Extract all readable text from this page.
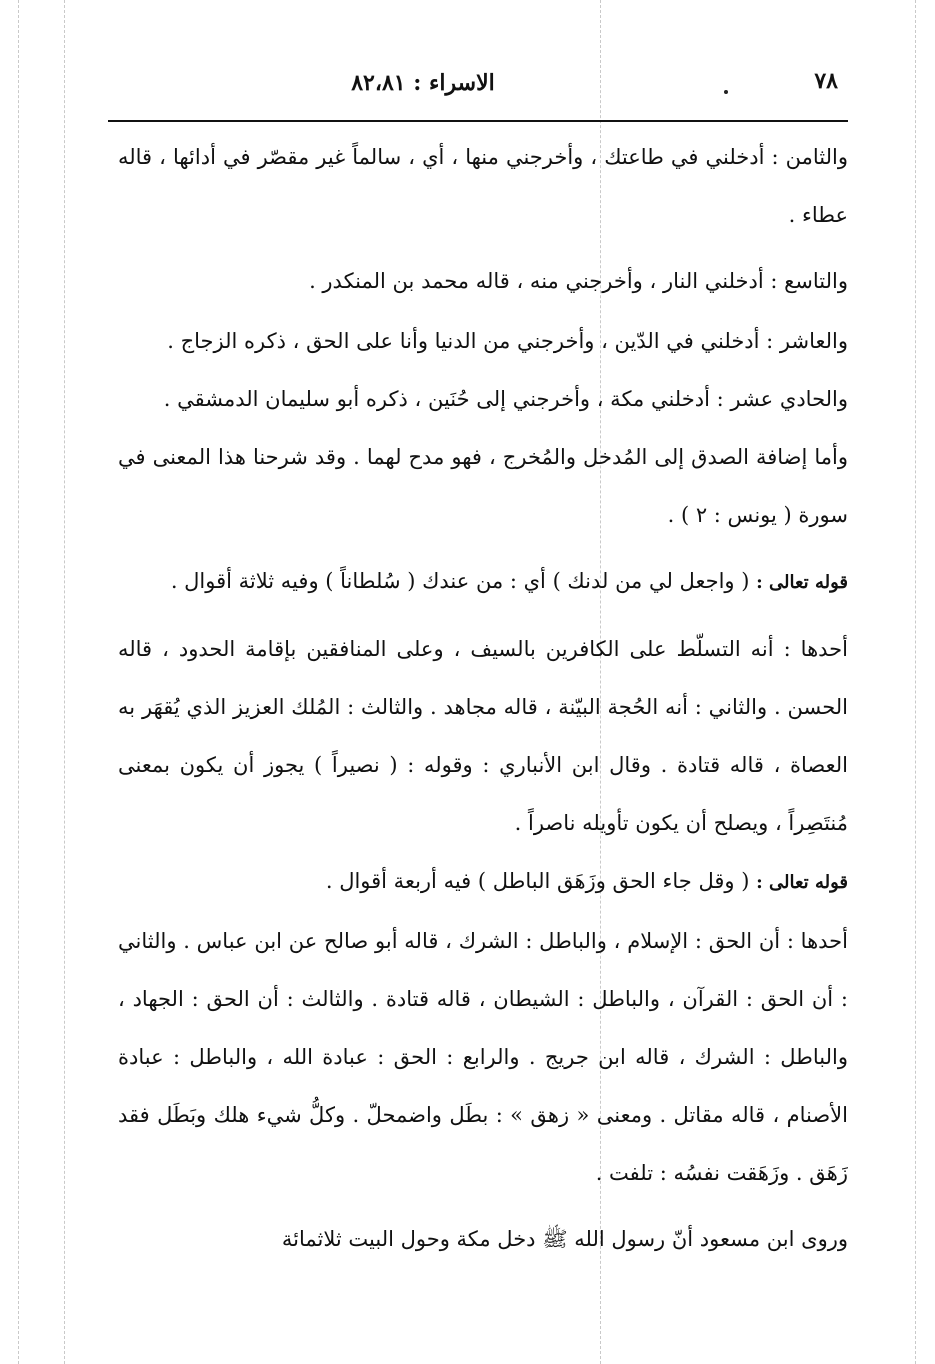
٧٨
الاسراء : ٨٢،٨١

والثامن : أدخلني في طاعتك ، وأخرجني منها ، أي ، سالماً غير مقصّر في أدائها ، قاله عطاء .

والتاسع : أدخلني النار ، وأخرجني منه ، قاله محمد بن المنكدر .

والعاشر : أدخلني في الدّين ، وأخرجني من الدنيا وأنا على الحق ، ذكره الزجاج .

والحادي عشر : أدخلني مكة ، وأخرجني إلى حُنَين ، ذكره أبو سليمان الدمشقي .

وأما إضافة الصدق إلى المُدخل والمُخرج ، فهو مدح لهما . وقد شرحنا هذا المعنى في سورة ( يونس : ٢ ) .

قوله تعالى : ( واجعل لي من لدنك ) أي : من عندك ( سُلطاناً ) وفيه ثلاثة أقوال .

أحدها : أنه التسلّط على الكافرين بالسيف ، وعلى المنافقين بإقامة الحدود ، قاله الحسن . والثاني : أنه الحُجة البيّنة ، قاله مجاهد . والثالث : المُلك العزيز الذي يُقهَر به العصاة ، قاله قتادة . وقال ابن الأنباري : وقوله : ( نصيراً ) يجوز أن يكون بمعنى مُنتَصِراً ، ويصلح أن يكون تأويله ناصراً .

قوله تعالى : ( وقل جاء الحق وزَهَق الباطل ) فيه أربعة أقوال .

أحدها : أن الحق : الإسلام ، والباطل : الشرك ، قاله أبو صالح عن ابن عباس . والثاني : أن الحق : القرآن ، والباطل : الشيطان ، قاله قتادة . والثالث : أن الحق : الجهاد ، والباطل : الشرك ، قاله ابن جريج . والرابع : الحق : عبادة الله ، والباطل : عبادة الأصنام ، قاله مقاتل . ومعنى « زهق » : بطَل واضمحلّ . وكلُّ شيء هلك وبَطَل فقد زَهَق . وزَهَقت نفسُه : تلفت .

وروى ابن مسعود أنّ رسول الله ﷺ دخل مكة وحول البيت ثلاثمائة
